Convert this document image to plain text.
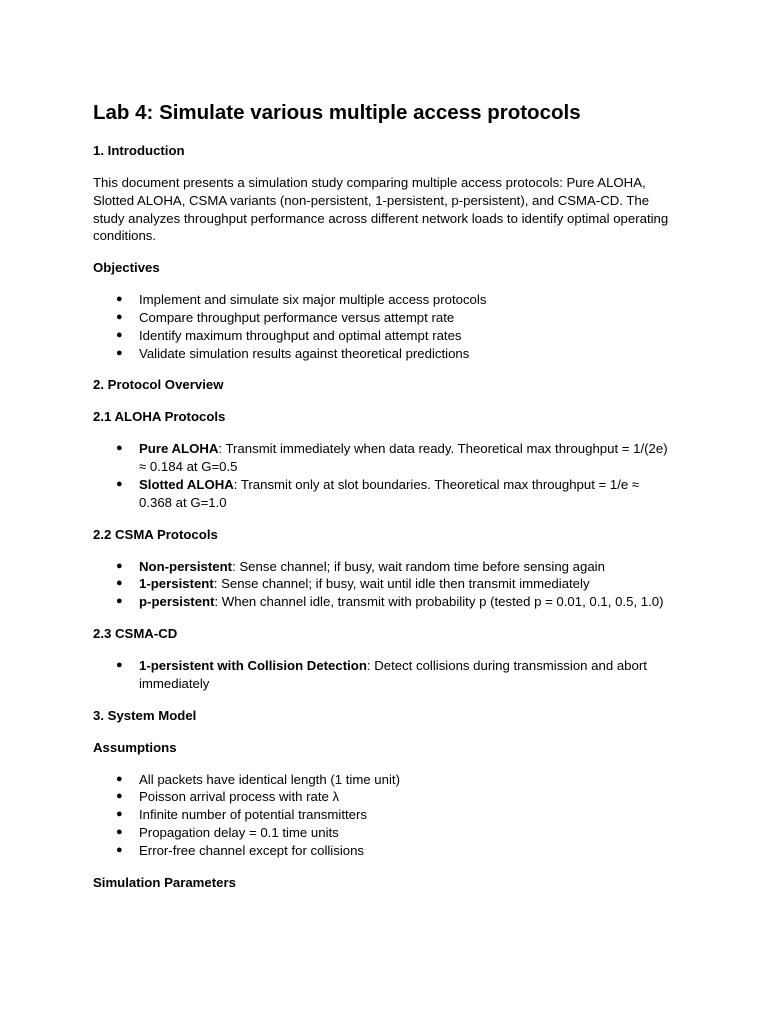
Lab 4: Simulate various multiple access protocols
1. Introduction

This document presents a simulation study comparing multiple access protocols: Pure ALOHA, Slotted ALOHA, CSMA variants (non-persistent, 1-persistent, p-persistent), and CSMA-CD. The study analyzes throughput performance across different network loads to identify optimal operating conditions.

Objectives
● Implement and simulate six major multiple access protocols
● Compare throughput performance versus attempt rate
● Identify maximum throughput and optimal attempt rates
● Validate simulation results against theoretical predictions
2. Protocol Overview
2.1 ALOHA Protocols
● Pure ALOHA: Transmit immediately when data ready. Theoretical max throughput = 1/(2e) ≈ 0.184 at G=0.5
● Slotted ALOHA: Transmit only at slot boundaries. Theoretical max throughput = 1/e ≈ 0.368 at G=1.0
2.2 CSMA Protocols
● Non-persistent: Sense channel; if busy, wait random time before sensing again
● 1-persistent: Sense channel; if busy, wait until idle then transmit immediately
● p-persistent: When channel idle, transmit with probability p (tested p = 0.01, 0.1, 0.5, 1.0)
2.3 CSMA-CD
● 1-persistent with Collision Detection: Detect collisions during transmission and abort immediately
3. System Model
Assumptions
● All packets have identical length (1 time unit)
● Poisson arrival process with rate λ
● Infinite number of potential transmitters
● Propagation delay = 0.1 time units
● Error-free channel except for collisions
Simulation Parameters
